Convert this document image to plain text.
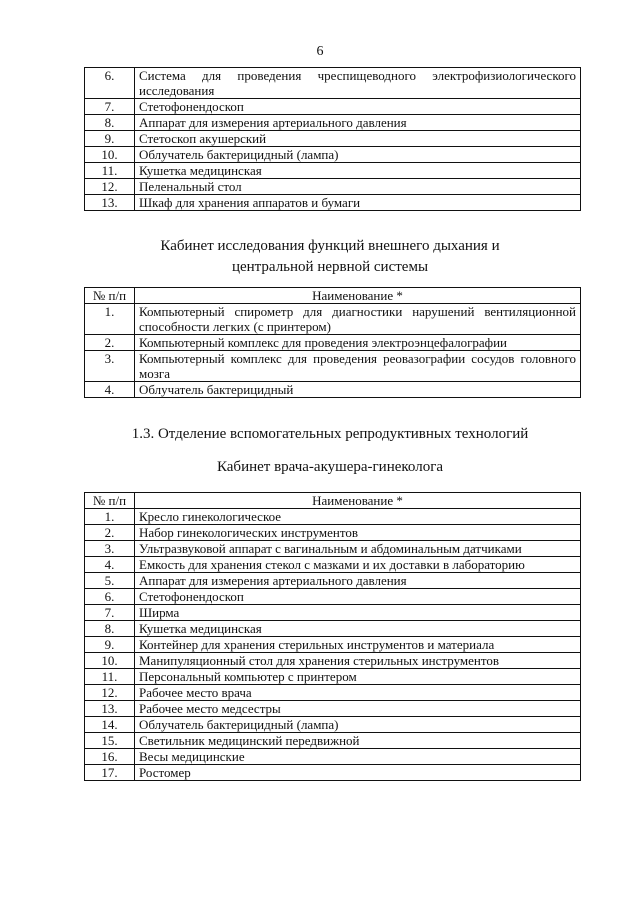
6
6.	Система для проведения чреспищеводного электрофизиологического исследования
7.	Стетофонендоскоп
8.	Аппарат для измерения артериального давления
9.	Стетоскоп акушерский
10.	Облучатель бактерицидный (лампа)
11.	Кушетка медицинская
12.	Пеленальный стол
13.	Шкаф для хранения аппаратов и бумаги
Кабинет исследования функций внешнего дыхания и
центральной нервной системы
№ п/п	Наименование *
1.	Компьютерный спирометр для диагностики нарушений вентиляционной способности легких (с принтером)
2.	Компьютерный комплекс для проведения электроэнцефалографии
3.	Компьютерный комплекс для проведения реовазографии сосудов головного мозга
4.	Облучатель бактерицидный
1.3. Отделение вспомогательных репродуктивных технологий
Кабинет врача-акушера-гинеколога
№ п/п	Наименование *
1.	Кресло гинекологическое
2.	Набор гинекологических инструментов
3.	Ультразвуковой аппарат с вагинальным и абдоминальным датчиками
4.	Емкость для хранения стекол с мазками и их доставки в лабораторию
5.	Аппарат для измерения артериального давления
6.	Стетофонендоскоп
7.	Ширма
8.	Кушетка медицинская
9.	Контейнер для хранения стерильных инструментов и материала
10.	Манипуляционный стол для хранения стерильных инструментов
11.	Персональный компьютер с принтером
12.	Рабочее место врача
13.	Рабочее место медсестры
14.	Облучатель бактерицидный (лампа)
15.	Светильник медицинский передвижной
16.	Весы медицинские
17.	Ростомер
